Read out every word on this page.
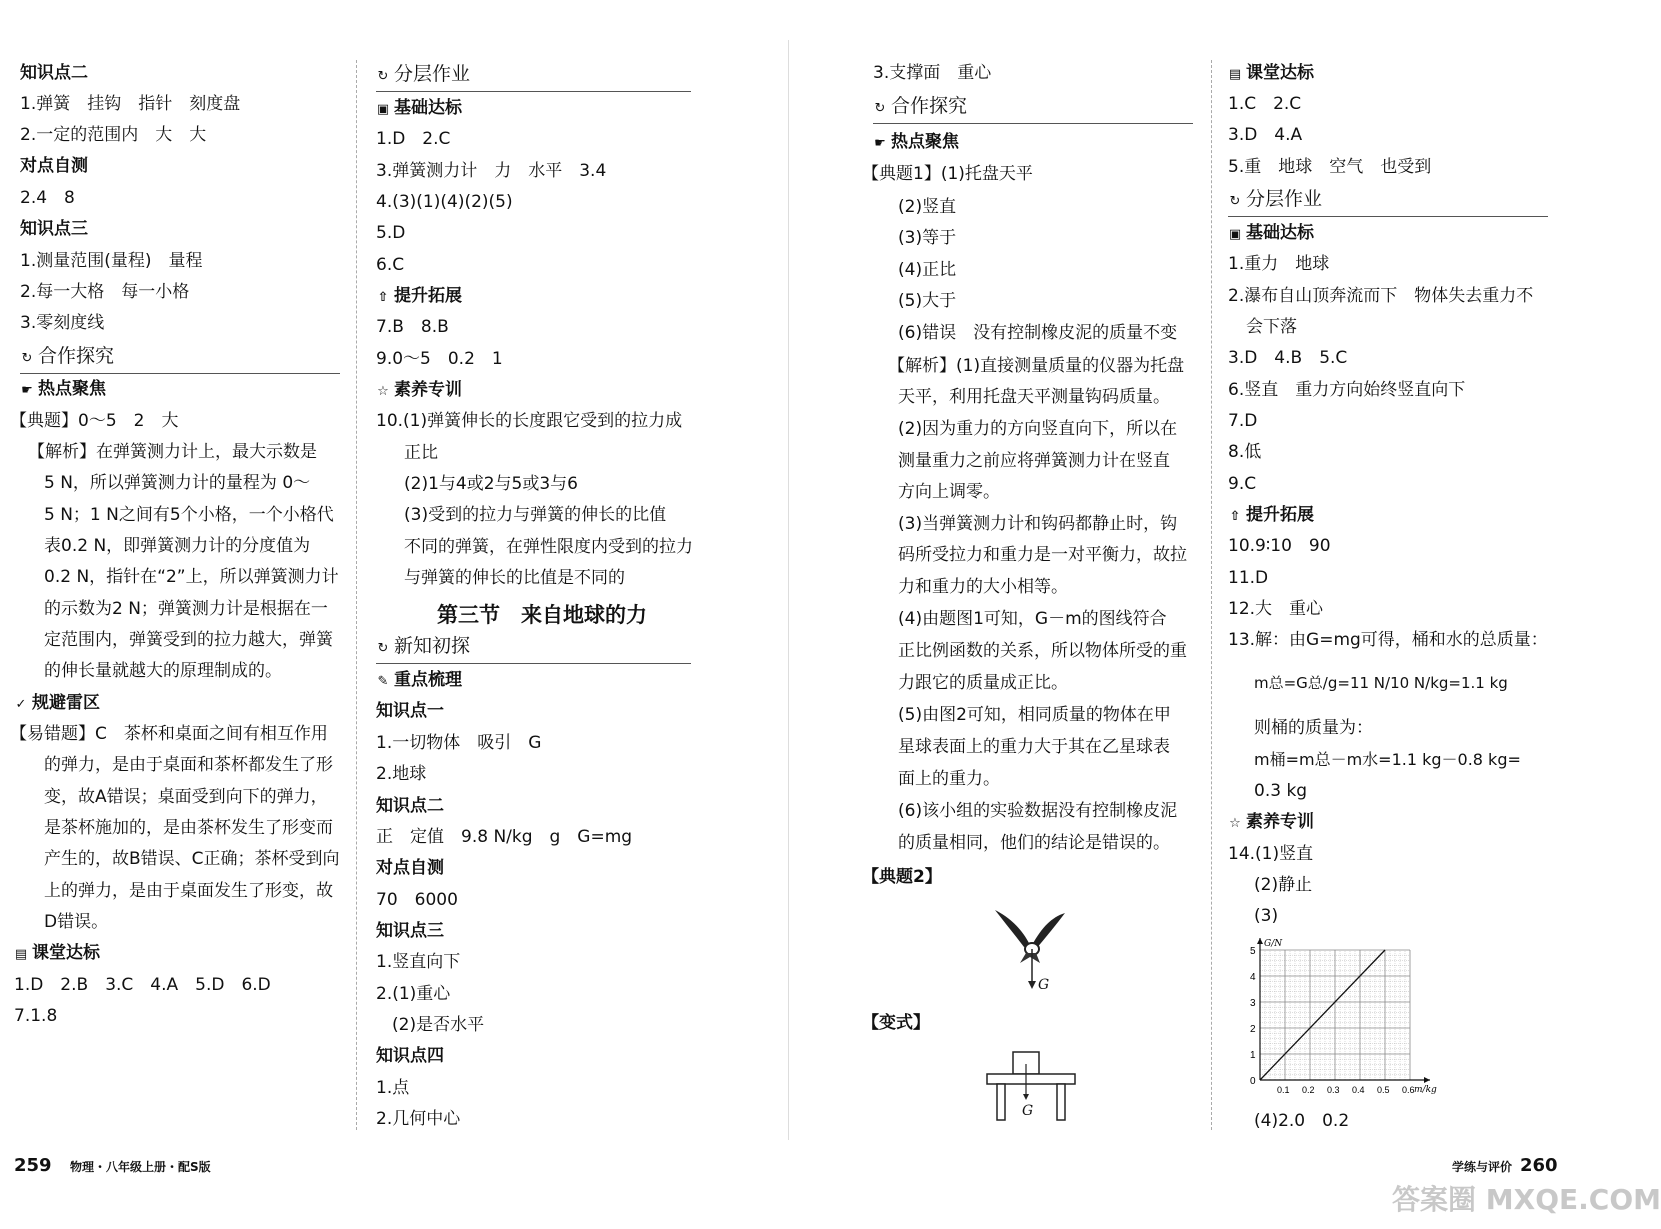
知识点二
1.弹簧　挂钩　指针　刻度盘
2.一定的范围内　大　大
对点自测
2.4　8
知识点三
1.测量范围(量程)　量程
2.每一大格　每一小格
3.零刻度线
↻ 合作探究
☛ 热点聚焦
【典题】0～5　2　大
【解析】在弹簧测力计上，最大示数是
5 N，所以弹簧测力计的量程为 0～
5 N；1 N之间有5个小格，一个小格代
表0.2 N，即弹簧测力计的分度值为
0.2 N，指针在“2”上，所以弹簧测力计
的示数为2 N；弹簧测力计是根据在一
定范围内，弹簧受到的拉力越大，弹簧
的伸长量就越大的原理制成的。
✓ 规避雷区
【易错题】C　茶杯和桌面之间有相互作用
的弹力，是由于桌面和茶杯都发生了形
变，故A错误；桌面受到向下的弹力，
是茶杯施加的，是由茶杯发生了形变而
产生的，故B错误、C正确；茶杯受到向
上的弹力，是由于桌面发生了形变，故
D错误。
▤ 课堂达标
1.D　2.B　3.C　4.A　5.D　6.D
7.1.8
↻ 分层作业
▣ 基础达标
1.D　2.C
3.弹簧测力计　力　水平　3.4
4.(3)(1)(4)(2)(5)
5.D
6.C
⇧ 提升拓展
7.B　8.B
9.0～5　0.2　1
☆ 素养专训
10.(1)弹簧伸长的长度跟它受到的拉力成
正比
(2)1与4或2与5或3与6
(3)受到的拉力与弹簧的伸长的比值
不同的弹簧，在弹性限度内受到的拉力
与弹簧的伸长的比值是不同的
第三节　来自地球的力
↻ 新知初探
✎ 重点梳理
知识点一
1.一切物体　吸引　G
2.地球
知识点二
正　定值　9.8 N/kg　g　G=mg
对点自测
70　6000
知识点三
1.竖直向下
2.(1)重心
(2)是否水平
知识点四
1.点
2.几何中心
3.支撑面　重心
↻ 合作探究
☛ 热点聚焦
【典题1】(1)托盘天平
(2)竖直
(3)等于
(4)正比
(5)大于
(6)错误　没有控制橡皮泥的质量不变
【解析】(1)直接测量质量的仪器为托盘
天平，利用托盘天平测量钩码质量。
(2)因为重力的方向竖直向下，所以在
测量重力之前应将弹簧测力计在竖直
方向上调零。
(3)当弹簧测力计和钩码都静止时，钩
码所受拉力和重力是一对平衡力，故拉
力和重力的大小相等。
(4)由题图1可知，G－m的图线符合
正比例函数的关系，所以物体所受的重
力跟它的质量成正比。
(5)由图2可知，相同质量的物体在甲
星球表面上的重力大于其在乙星球表
面上的重力。
(6)该小组的实验数据没有控制橡皮泥
的质量相同，他们的结论是错误的。
【典题2】
G
【变式】
G
▤ 课堂达标
1.C　2.C
3.D　4.A
5.重　地球　空气　也受到
↻ 分层作业
▣ 基础达标
1.重力　地球
2.瀑布自山顶奔流而下　物体失去重力不
会下落
3.D　4.B　5.C
6.竖直　重力方向始终竖直向下
7.D
8.低
9.C
⇧ 提升拓展
10.9∶10　90
11.D
12.大　重心
13.解：由G=mg可得，桶和水的总质量：
m总=G总/g=11 N/10 N/kg=1.1 kg
则桶的质量为：
m桶=m总－m水=1.1 kg－0.8 kg=
0.3 kg
☆ 素养专训
14.(1)竖直
(2)静止
(3)
1
2
3
4
5
0.1 0.2 0.3 0.4 0.5 0.6
0
G/N
m/kg
(4)2.0　0.2
259 物理・八年级上册・配S版	学练与评价 260
答案圈 MXQE.COM
